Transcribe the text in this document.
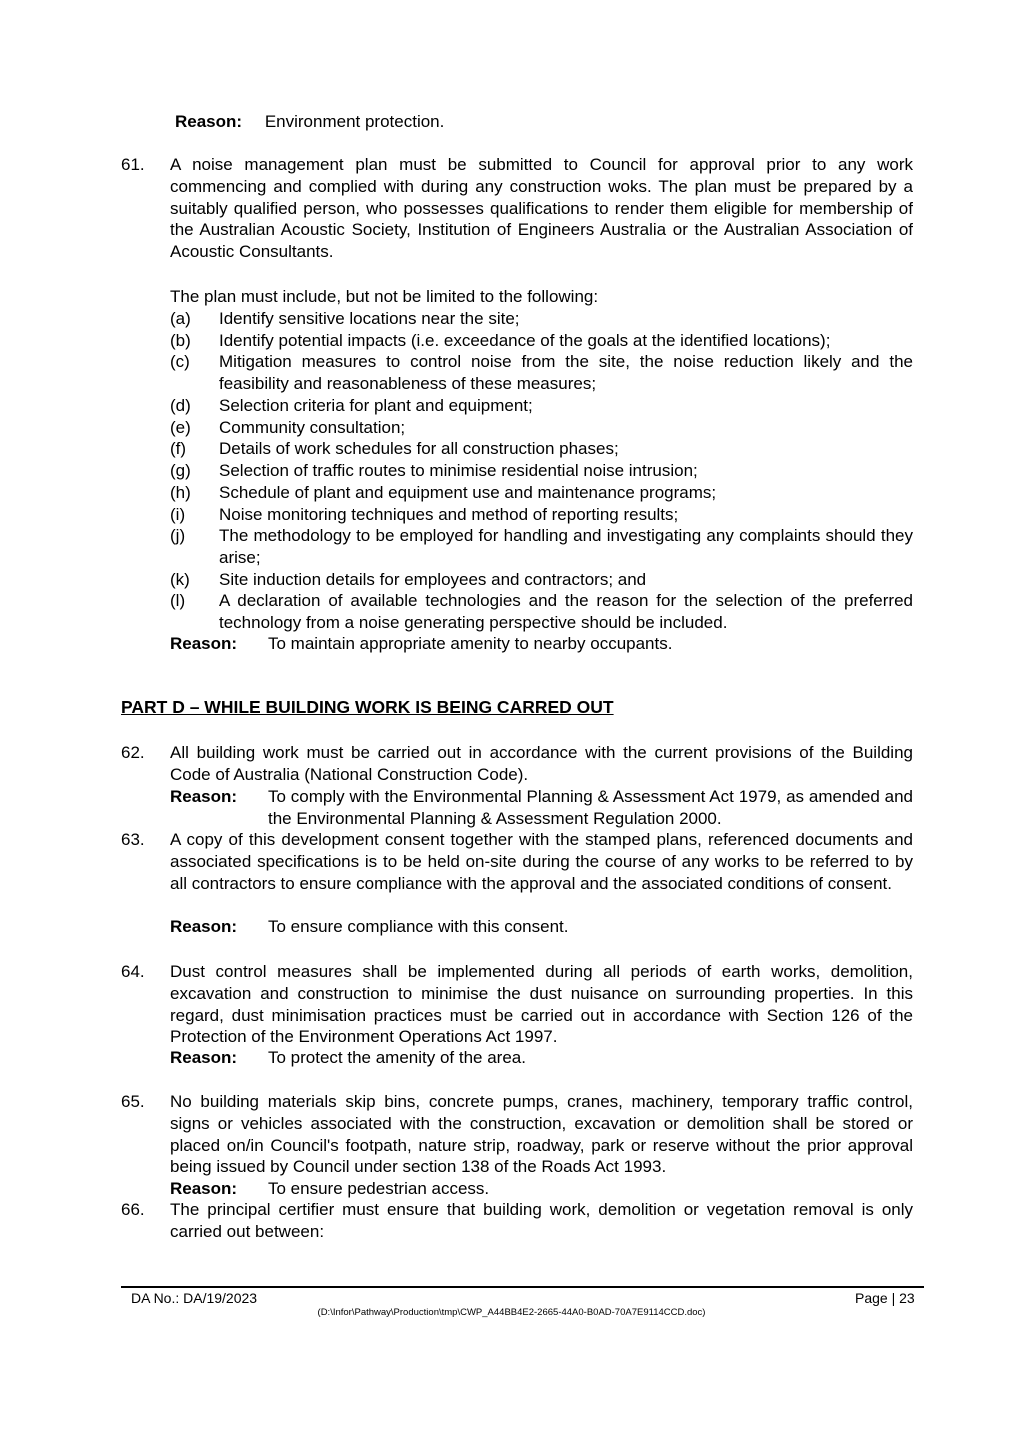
Reason: Environment protection.
61. A noise management plan must be submitted to Council for approval prior to any work commencing and complied with during any construction woks. The plan must be prepared by a suitably qualified person, who possesses qualifications to render them eligible for membership of the Australian Acoustic Society, Institution of Engineers Australia or the Australian Association of Acoustic Consultants.
The plan must include, but not be limited to the following:
(a) Identify sensitive locations near the site;
(b) Identify potential impacts (i.e. exceedance of the goals at the identified locations);
(c) Mitigation measures to control noise from the site, the noise reduction likely and the feasibility and reasonableness of these measures;
(d) Selection criteria for plant and equipment;
(e) Community consultation;
(f) Details of work schedules for all construction phases;
(g) Selection of traffic routes to minimise residential noise intrusion;
(h) Schedule of plant and equipment use and maintenance programs;
(i) Noise monitoring techniques and method of reporting results;
(j) The methodology to be employed for handling and investigating any complaints should they arise;
(k) Site induction details for employees and contractors; and
(l) A declaration of available technologies and the reason for the selection of the preferred technology from a noise generating perspective should be included.
Reason: To maintain appropriate amenity to nearby occupants.
PART D – WHILE BUILDING WORK IS BEING CARRED OUT
62. All building work must be carried out in accordance with the current provisions of the Building Code of Australia (National Construction Code).
Reason: To comply with the Environmental Planning & Assessment Act 1979, as amended and the Environmental Planning & Assessment Regulation 2000.
63. A copy of this development consent together with the stamped plans, referenced documents and associated specifications is to be held on-site during the course of any works to be referred to by all contractors to ensure compliance with the approval and the associated conditions of consent.
Reason: To ensure compliance with this consent.
64. Dust control measures shall be implemented during all periods of earth works, demolition, excavation and construction to minimise the dust nuisance on surrounding properties. In this regard, dust minimisation practices must be carried out in accordance with Section 126 of the Protection of the Environment Operations Act 1997.
Reason: To protect the amenity of the area.
65. No building materials skip bins, concrete pumps, cranes, machinery, temporary traffic control, signs or vehicles associated with the construction, excavation or demolition shall be stored or placed on/in Council's footpath, nature strip, roadway, park or reserve without the prior approval being issued by Council under section 138 of the Roads Act 1993.
Reason: To ensure pedestrian access.
66. The principal certifier must ensure that building work, demolition or vegetation removal is only carried out between:
DA No.: DA/19/2023	Page | 23
(D:\Infor\Pathway\Production\tmp\CWP_A44BB4E2-2665-44A0-B0AD-70A7E9114CCD.doc)
